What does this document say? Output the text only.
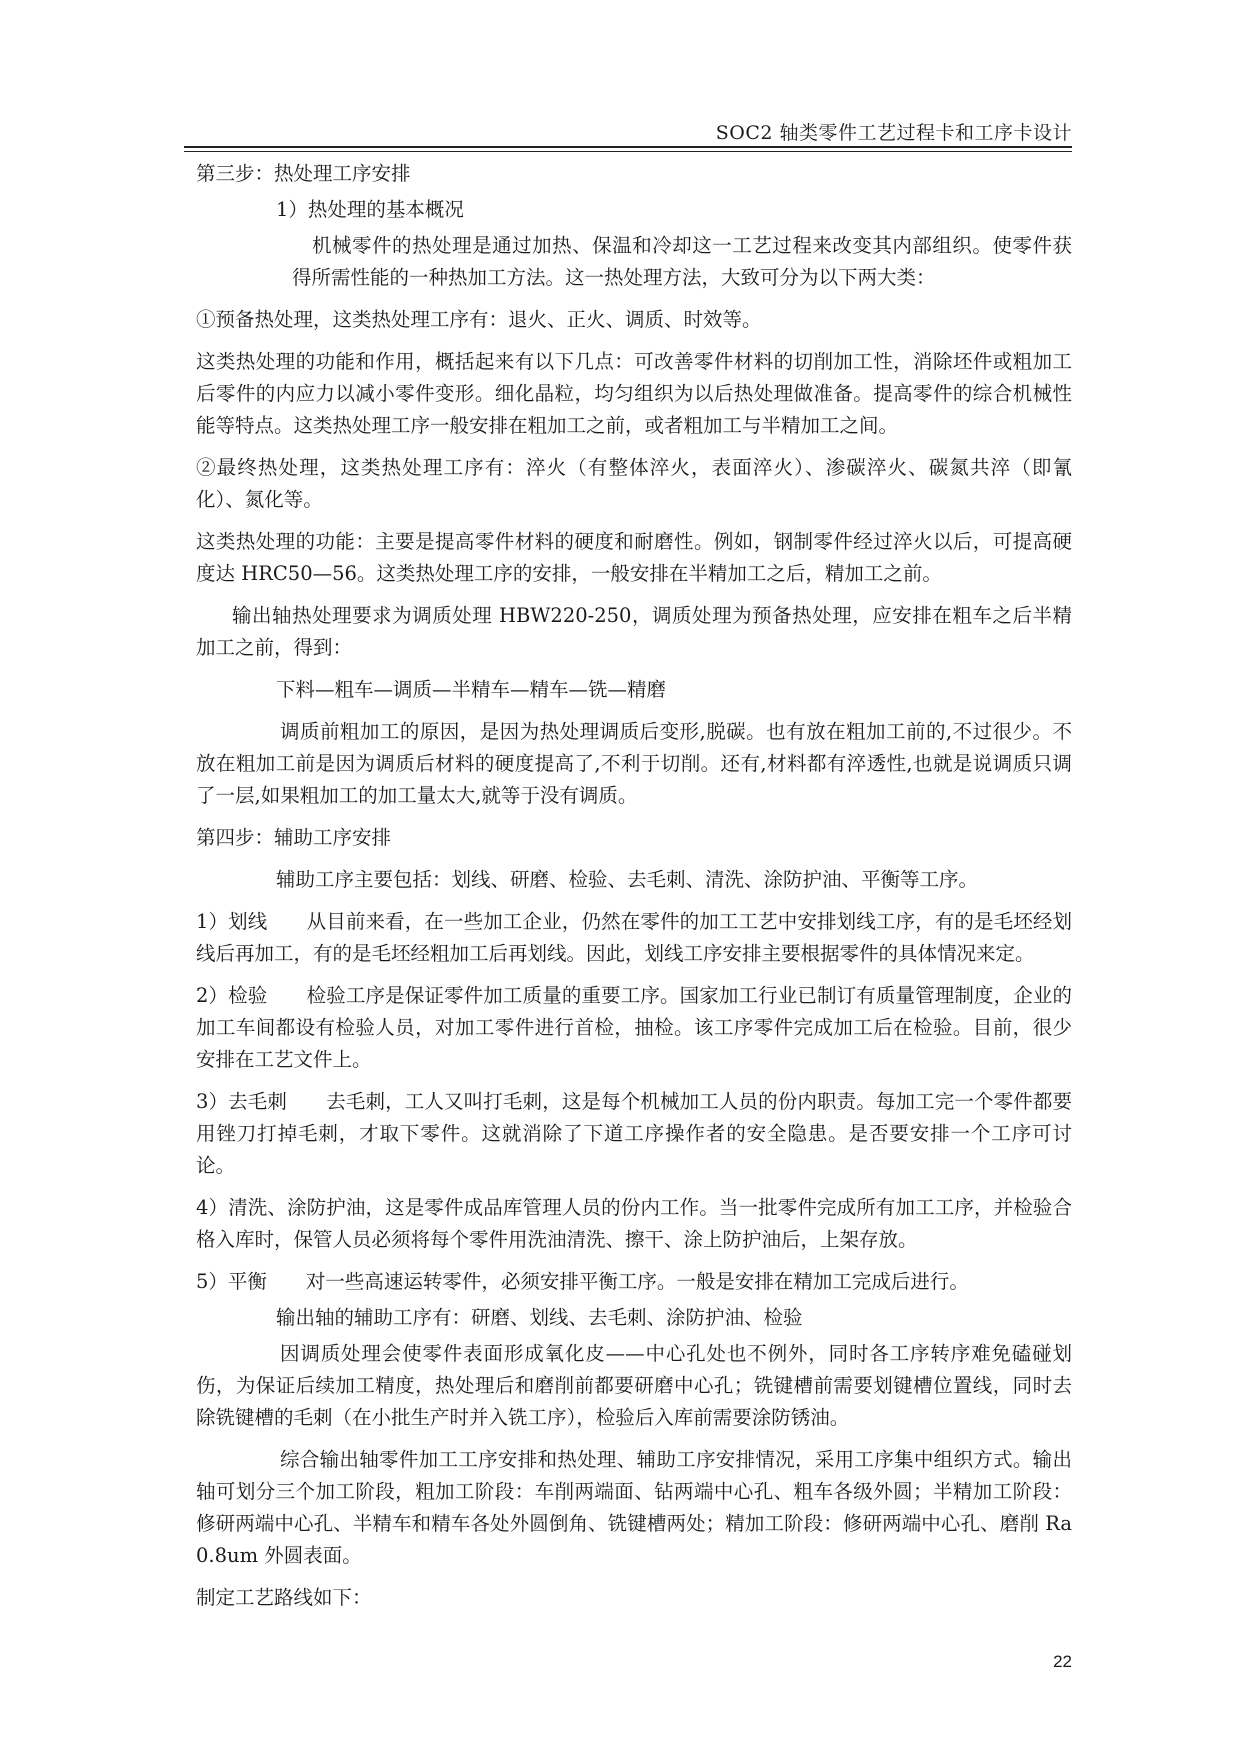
SOC2 轴类零件工艺过程卡和工序卡设计

第三步：热处理工序安排

1）热处理的基本概况

机械零件的热处理是通过加热、保温和冷却这一工艺过程来改变其内部组织。使零件获得所需性能的一种热加工方法。这一热处理方法，大致可分为以下两大类：

①预备热处理，这类热处理工序有：退火、正火、调质、时效等。

这类热处理的功能和作用，概括起来有以下几点：可改善零件材料的切削加工性，消除坯件或粗加工后零件的内应力以减小零件变形。细化晶粒，均匀组织为以后热处理做准备。提高零件的综合机械性能等特点。这类热处理工序一般安排在粗加工之前，或者粗加工与半精加工之间。

②最终热处理，这类热处理工序有：淬火（有整体淬火，表面淬火）、渗碳淬火、碳氮共淬（即氰化）、氮化等。

这类热处理的功能：主要是提高零件材料的硬度和耐磨性。例如，钢制零件经过淬火以后，可提高硬度达 HRC50—56。这类热处理工序的安排，一般安排在半精加工之后，精加工之前。

输出轴热处理要求为调质处理 HBW220-250，调质处理为预备热处理，应安排在粗车之后半精加工之前，得到：

下料—粗车—调质—半精车—精车—铣—精磨

调质前粗加工的原因，是因为热处理调质后变形,脱碳。也有放在粗加工前的,不过很少。不放在粗加工前是因为调质后材料的硬度提高了,不利于切削。还有,材料都有淬透性,也就是说调质只调了一层,如果粗加工的加工量太大,就等于没有调质。

第四步：辅助工序安排

辅助工序主要包括：划线、研磨、检验、去毛刺、清洗、涂防护油、平衡等工序。

1）划线　　从目前来看，在一些加工企业，仍然在零件的加工工艺中安排划线工序，有的是毛坯经划线后再加工，有的是毛坯经粗加工后再划线。因此，划线工序安排主要根据零件的具体情况来定。

2）检验　　检验工序是保证零件加工质量的重要工序。国家加工行业已制订有质量管理制度，企业的加工车间都设有检验人员，对加工零件进行首检，抽检。该工序零件完成加工后在检验。目前，很少安排在工艺文件上。

3）去毛刺　　去毛刺，工人又叫打毛刺，这是每个机械加工人员的份内职责。每加工完一个零件都要用锉刀打掉毛刺，才取下零件。这就消除了下道工序操作者的安全隐患。是否要安排一个工序可讨论。

4）清洗、涂防护油，这是零件成品库管理人员的份内工作。当一批零件完成所有加工工序，并检验合格入库时，保管人员必须将每个零件用洗油清洗、擦干、涂上防护油后，上架存放。

5）平衡　　对一些高速运转零件，必须安排平衡工序。一般是安排在精加工完成后进行。

输出轴的辅助工序有：研磨、划线、去毛刺、涂防护油、检验

因调质处理会使零件表面形成氧化皮——中心孔处也不例外，同时各工序转序难免磕碰划伤，为保证后续加工精度，热处理后和磨削前都要研磨中心孔；铣键槽前需要划键槽位置线，同时去除铣键槽的毛刺（在小批生产时并入铣工序），检验后入库前需要涂防锈油。

综合输出轴零件加工工序安排和热处理、辅助工序安排情况，采用工序集中组织方式。输出轴可划分三个加工阶段，粗加工阶段：车削两端面、钻两端中心孔、粗车各级外圆；半精加工阶段：修研两端中心孔、半精车和精车各处外圆倒角、铣键槽两处；精加工阶段：修研两端中心孔、磨削 Ra0.8um 外圆表面。

制定工艺路线如下：

22
